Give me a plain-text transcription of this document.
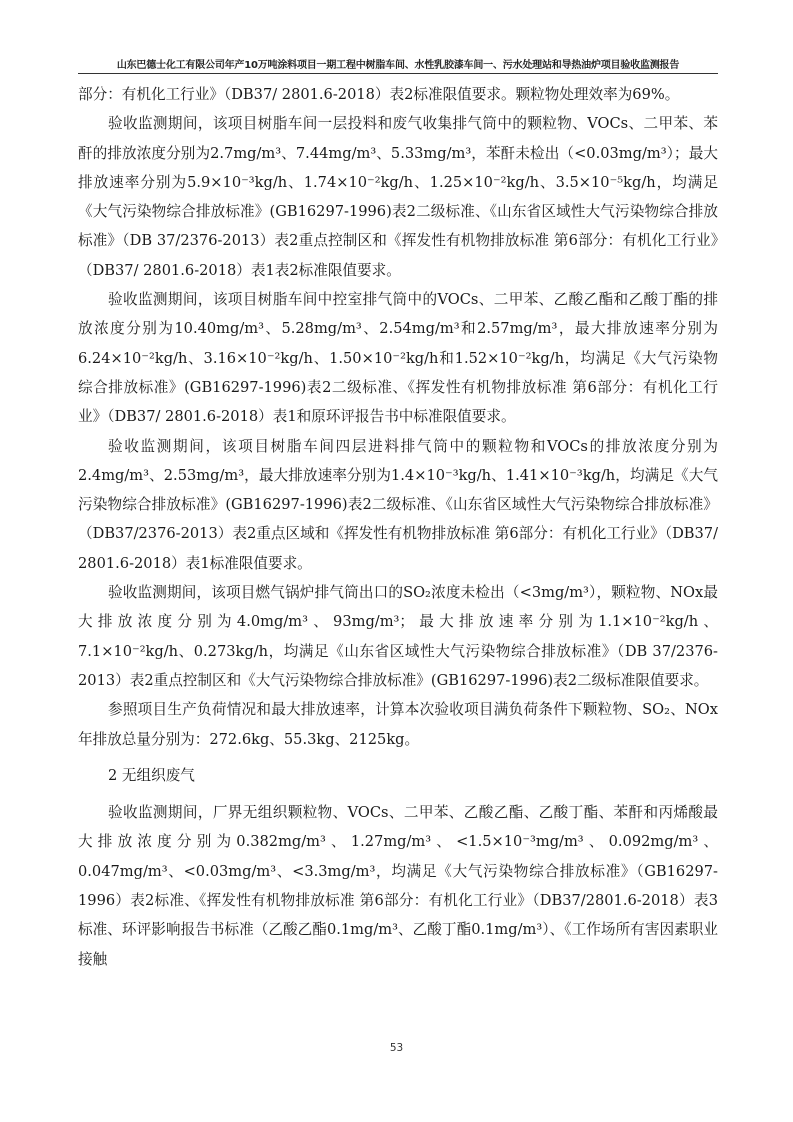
山东巴德士化工有限公司年产10万吨涂料项目一期工程中树脂车间、水性乳胶漆车间一、污水处理站和导热油炉项目验收监测报告

部分：有机化工行业》（DB37/ 2801.6-2018）表2标准限值要求。颗粒物处理效率为69%。

验收监测期间，该项目树脂车间一层投料和废气收集排气筒中的颗粒物、VOCs、二甲苯、苯酐的排放浓度分别为2.7mg/m³、7.44mg/m³、5.33mg/m³，苯酐未检出（<0.03mg/m³）；最大排放速率分别为5.9×10⁻³kg/h、1.74×10⁻²kg/h、1.25×10⁻²kg/h、3.5×10⁻⁵kg/h，均满足《大气污染物综合排放标准》(GB16297-1996)表2二级标准、《山东省区域性大气污染物综合排放标准》（DB 37/2376-2013）表2重点控制区和《挥发性有机物排放标准 第6部分：有机化工行业》（DB37/ 2801.6-2018）表1表2标准限值要求。

验收监测期间，该项目树脂车间中控室排气筒中的VOCs、二甲苯、乙酸乙酯和乙酸丁酯的排放浓度分别为10.40mg/m³、5.28mg/m³、2.54mg/m³和2.57mg/m³，最大排放速率分别为6.24×10⁻²kg/h、3.16×10⁻²kg/h、1.50×10⁻²kg/h和1.52×10⁻²kg/h，均满足《大气污染物综合排放标准》(GB16297-1996)表2二级标准、《挥发性有机物排放标准 第6部分：有机化工行业》（DB37/ 2801.6-2018）表1和原环评报告书中标准限值要求。

验收监测期间，该项目树脂车间四层进料排气筒中的颗粒物和VOCs的排放浓度分别为2.4mg/m³、2.53mg/m³，最大排放速率分别为1.4×10⁻³kg/h、1.41×10⁻³kg/h，均满足《大气污染物综合排放标准》(GB16297-1996)表2二级标准、《山东省区域性大气污染物综合排放标准》（DB37/2376-2013）表2重点区域和《挥发性有机物排放标准 第6部分：有机化工行业》（DB37/ 2801.6-2018）表1标准限值要求。

验收监测期间，该项目燃气锅炉排气筒出口的SO₂浓度未检出（<3mg/m³），颗粒物、NOx最大排放浓度分别为4.0mg/m³、93mg/m³；最大排放速率分别为1.1×10⁻²kg/h、7.1×10⁻²kg/h、0.273kg/h，均满足《山东省区域性大气污染物综合排放标准》（DB 37/2376-2013）表2重点控制区和《大气污染物综合排放标准》(GB16297-1996)表2二级标准限值要求。

参照项目生产负荷情况和最大排放速率，计算本次验收项目满负荷条件下颗粒物、SO₂、NOx年排放总量分别为：272.6kg、55.3kg、2125kg。

2 无组织废气

验收监测期间，厂界无组织颗粒物、VOCs、二甲苯、乙酸乙酯、乙酸丁酯、苯酐和丙烯酸最大排放浓度分别为0.382mg/m³、1.27mg/m³、<1.5×10⁻³mg/m³、0.092mg/m³、0.047mg/m³、<0.03mg/m³、<3.3mg/m³，均满足《大气污染物综合排放标准》（GB16297-1996）表2标准、《挥发性有机物排放标准 第6部分：有机化工行业》（DB37/2801.6-2018）表3标准、环评影响报告书标准（乙酸乙酯0.1mg/m³、乙酸丁酯0.1mg/m³）、《工作场所有害因素职业接触

53
